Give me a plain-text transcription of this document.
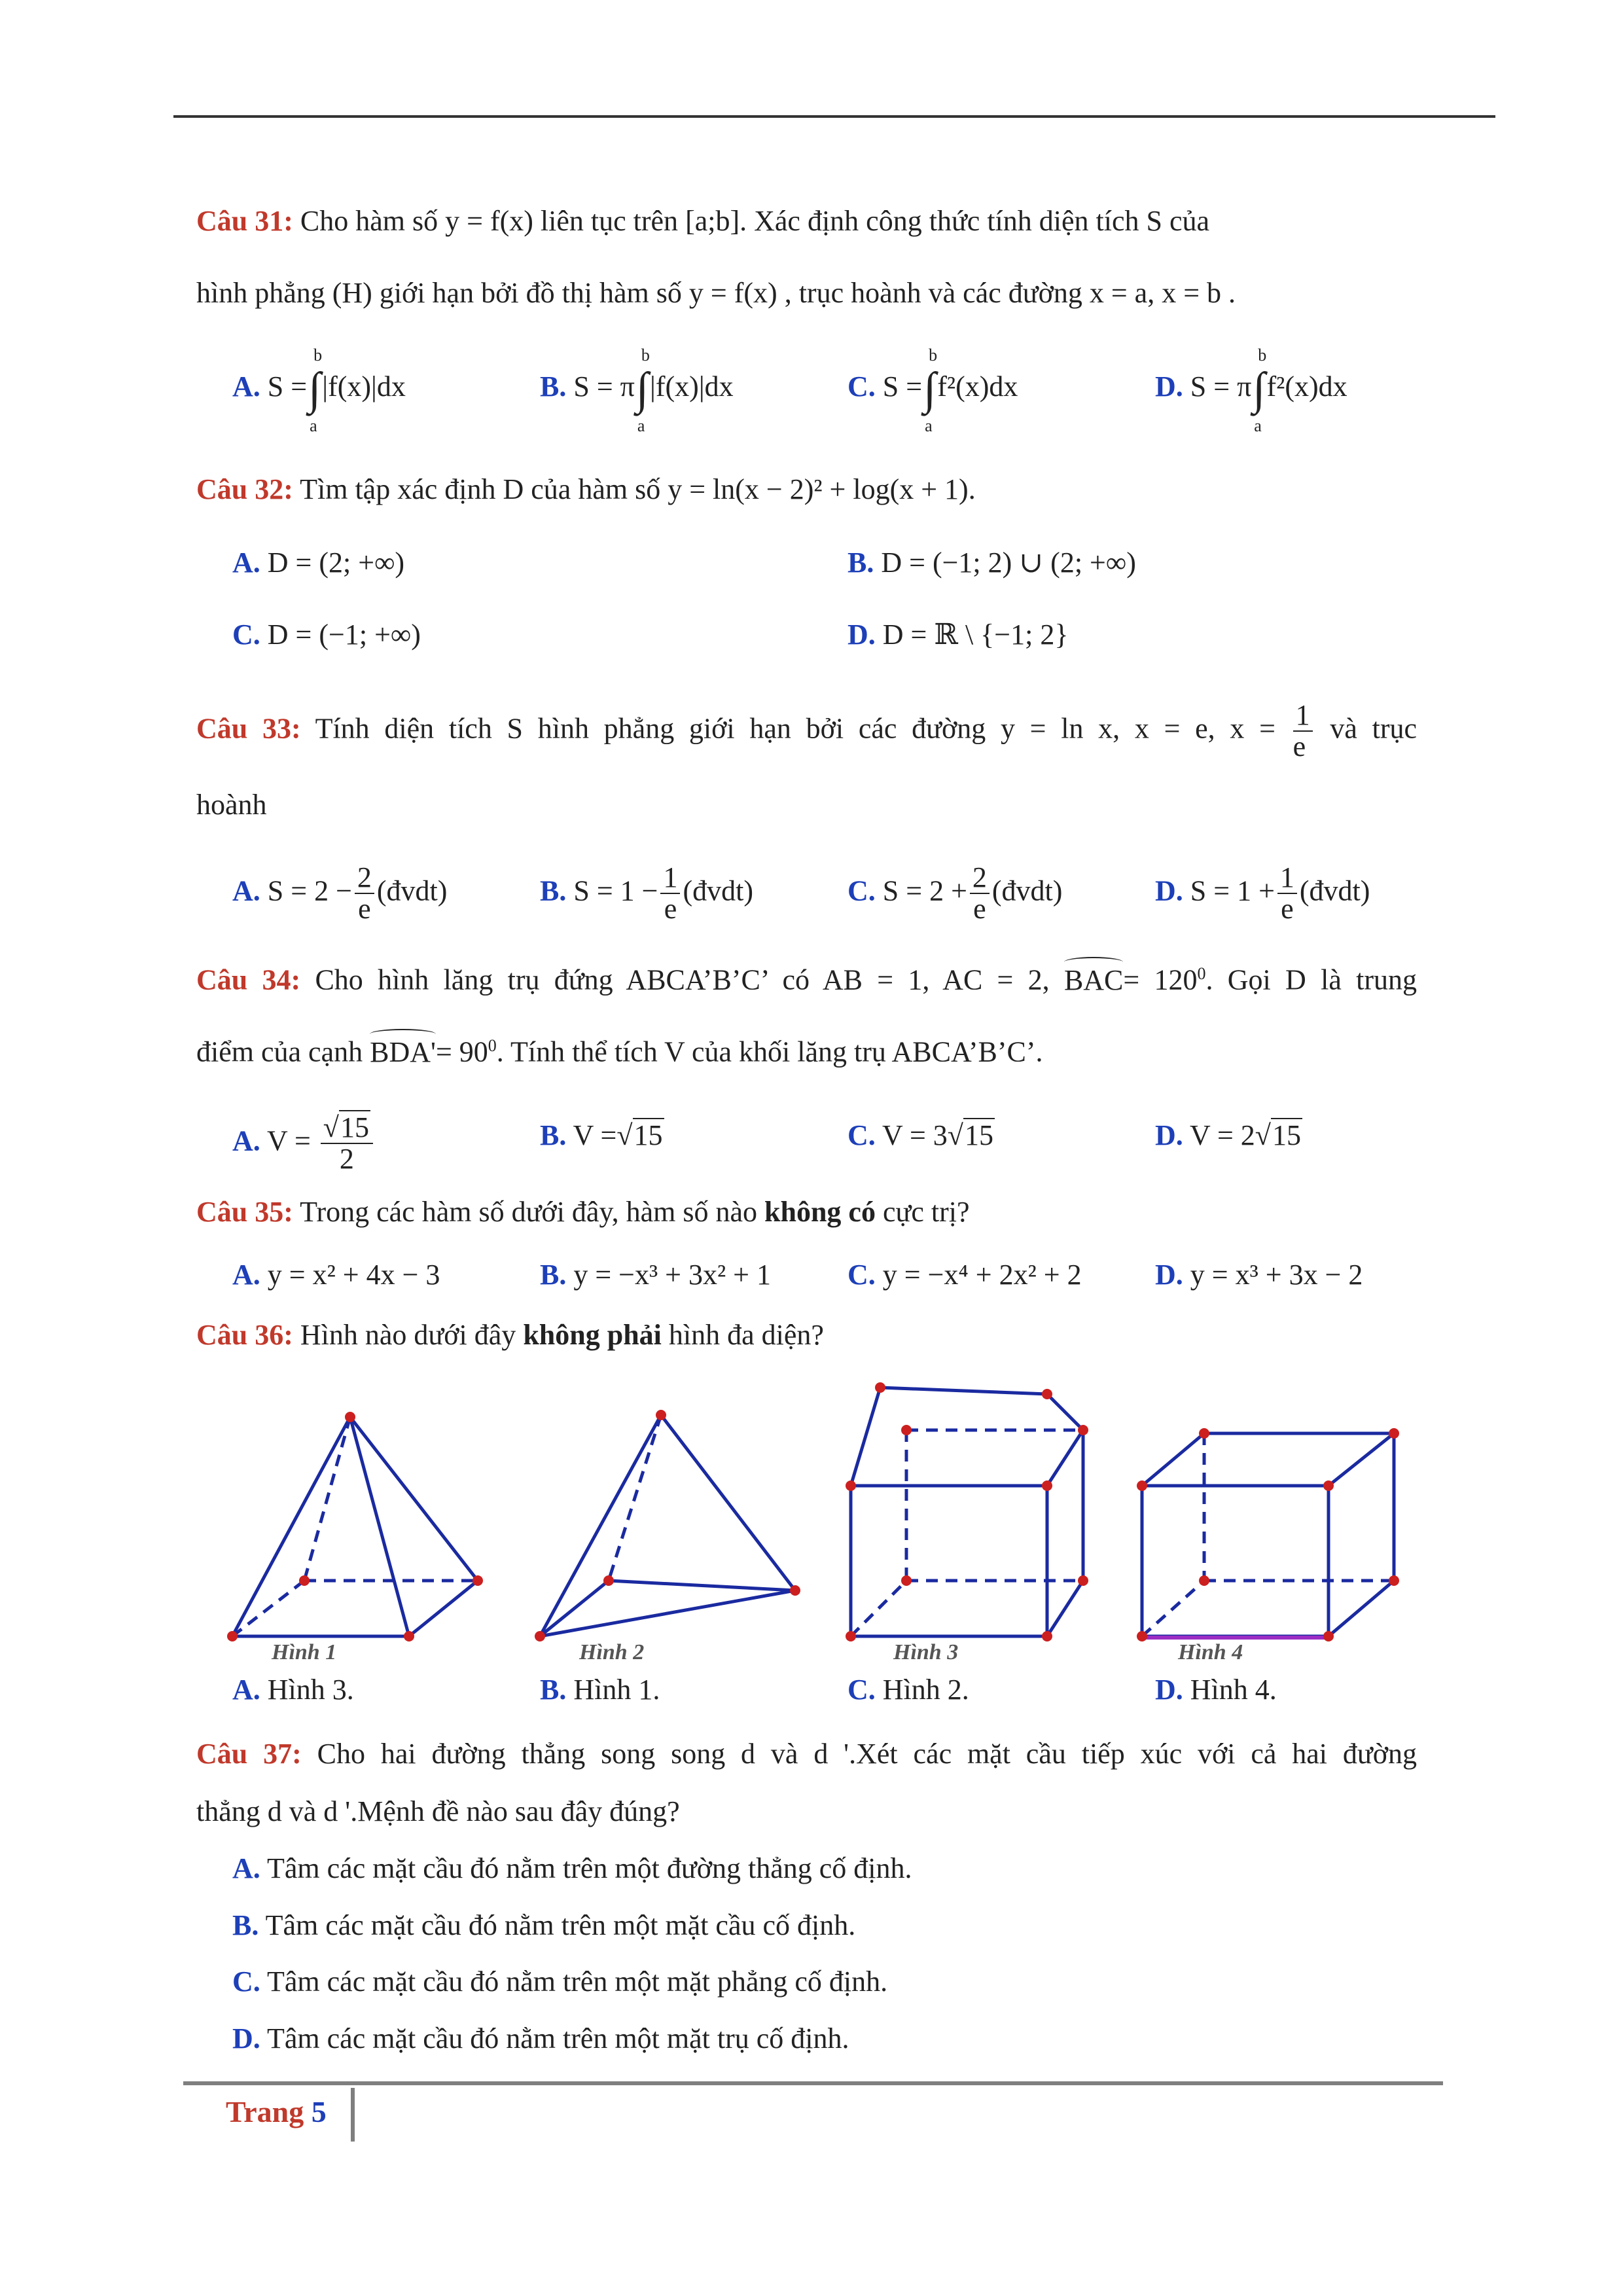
Câu 31: Cho hàm số y = f(x) liên tục trên [a;b]. Xác định công thức tính diện tích S của
hình phẳng (H) giới hạn bởi đồ thị hàm số y = f(x) , trục hoành và các đường x = a, x = b .
A. S =∫
b
a
|f(x)|dx	B. S = π∫
b
a
|f(x)|dx	C. S =∫
b
a
f²(x)dx	D. S = π∫
b
a
f²(x)dx
Câu 32: Tìm tập xác định D của hàm số y = ln(x − 2)² + log(x + 1).
A. D = (2; +∞)	B. D = (−1; 2) ∪ (2; +∞)
C. D = (−1; +∞)	D. D = ℝ \ {−1; 2}
Câu 33: Tính diện tích S hình phẳng giới hạn bởi các đường y = ln x, x = e, $x = \frac{1}{e}$ và trục
hoành
A. $S = 2 - \frac{2}{e}$ (đvdt)	B. $S = 1 - \frac{1}{e}$ (đvdt)	C. $S = 2 + \frac{2}{e}$ (đvdt)	D. $S = 1 + \frac{1}{e}$ (đvdt)
Câu 34: Cho hình lăng trụ đứng ABCA’B’C’ có AB = 1, AC = 2, $BAC= 120^0$. Gọi D là trung
điểm của cạnh $BDA'= 90^0$. Tính thể tích V của khối lăng trụ ABCA’B’C’.
A. $V = \frac{√15}{2}$	B. V =√15	C. V = 3√15	D. V = 2√15
Câu 35: Trong các hàm số dưới đây, hàm số nào không có cực trị?
A. y = x² + 4x − 3	B. y = −x³ + 3x² + 1	C. y = −x⁴ + 2x² + 2	D. y = x³ + 3x − 2
Câu 36: Hình nào dưới đây không phải hình đa diện?
Hình 1	Hình 2	Hình 3	Hình 4
A. Hình 3.	B. Hình 1.	C. Hình 2.	D. Hình 4.
Câu 37: Cho hai đường thẳng song song d và d '.Xét các mặt cầu tiếp xúc với cả hai đường
thẳng d và d '.Mệnh đề nào sau đây đúng?
A. Tâm các mặt cầu đó nằm trên một đường thẳng cố định.
B. Tâm các mặt cầu đó nằm trên một mặt cầu cố định.
C. Tâm các mặt cầu đó nằm trên một mặt phẳng cố định.
D. Tâm các mặt cầu đó nằm trên một mặt trụ cố định.
Trang 5
